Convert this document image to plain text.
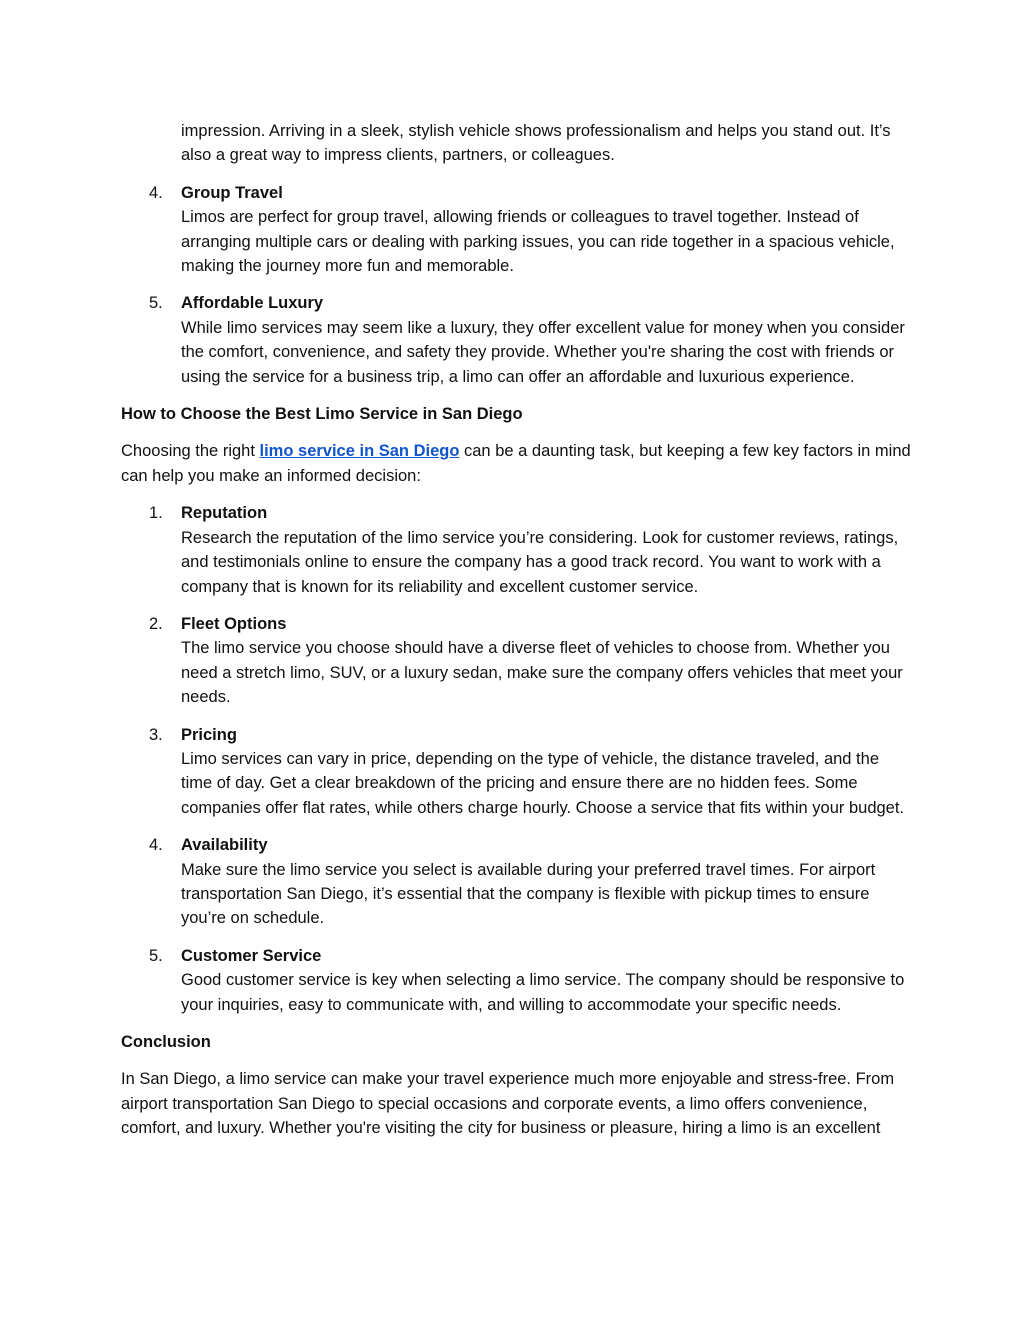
impression. Arriving in a sleek, stylish vehicle shows professionalism and helps you stand out. It’s also a great way to impress clients, partners, or colleagues.

4. Group Travel
Limos are perfect for group travel, allowing friends or colleagues to travel together. Instead of arranging multiple cars or dealing with parking issues, you can ride together in a spacious vehicle, making the journey more fun and memorable.
5. Affordable Luxury
While limo services may seem like a luxury, they offer excellent value for money when you consider the comfort, convenience, and safety they provide. Whether you're sharing the cost with friends or using the service for a business trip, a limo can offer an affordable and luxurious experience.

How to Choose the Best Limo Service in San Diego

Choosing the right limo service in San Diego can be a daunting task, but keeping a few key factors in mind can help you make an informed decision:

1. Reputation
Research the reputation of the limo service you’re considering. Look for customer reviews, ratings, and testimonials online to ensure the company has a good track record. You want to work with a company that is known for its reliability and excellent customer service.
2. Fleet Options
The limo service you choose should have a diverse fleet of vehicles to choose from. Whether you need a stretch limo, SUV, or a luxury sedan, make sure the company offers vehicles that meet your needs.
3. Pricing
Limo services can vary in price, depending on the type of vehicle, the distance traveled, and the time of day. Get a clear breakdown of the pricing and ensure there are no hidden fees. Some companies offer flat rates, while others charge hourly. Choose a service that fits within your budget.
4. Availability
Make sure the limo service you select is available during your preferred travel times. For airport transportation San Diego, it’s essential that the company is flexible with pickup times to ensure you’re on schedule.
5. Customer Service
Good customer service is key when selecting a limo service. The company should be responsive to your inquiries, easy to communicate with, and willing to accommodate your specific needs.

Conclusion

In San Diego, a limo service can make your travel experience much more enjoyable and stress-free. From airport transportation San Diego to special occasions and corporate events, a limo offers convenience, comfort, and luxury. Whether you're visiting the city for business or pleasure, hiring a limo is an excellent
